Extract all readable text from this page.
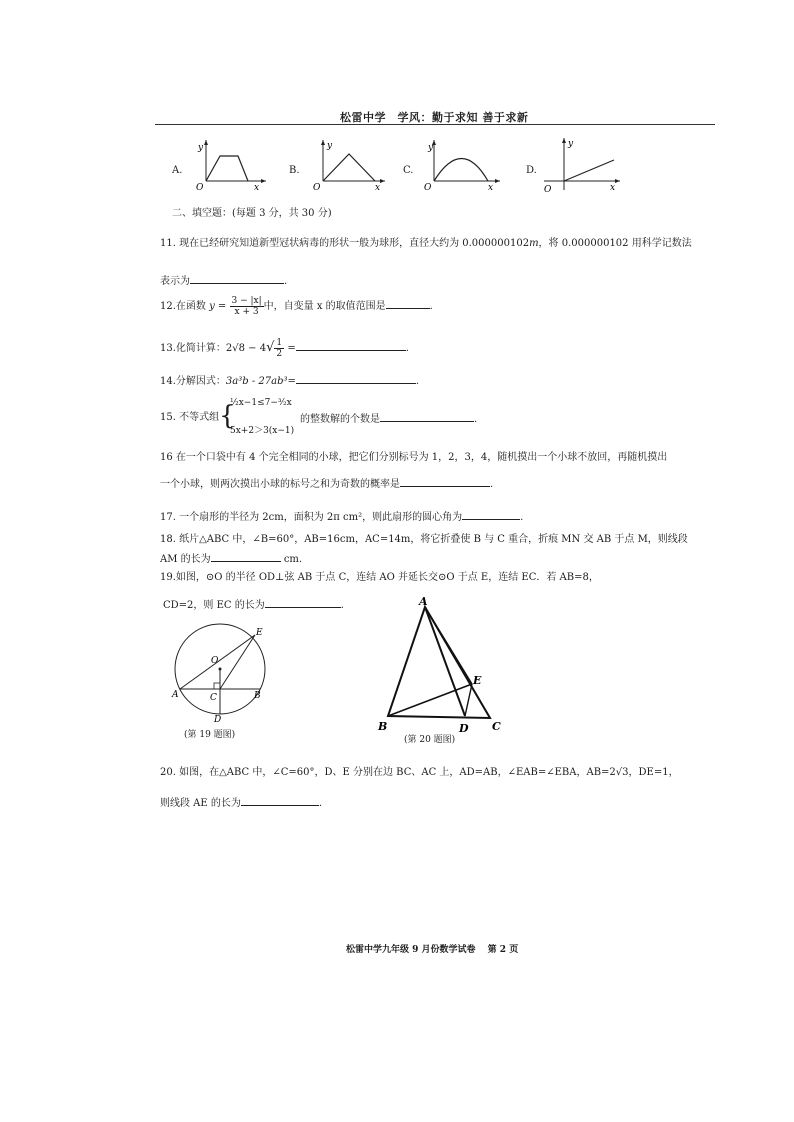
松雷中学　学风：勤于求知 善于求新
A.	B.	C.	D.
y
O	x
y
O	x
y
O	x
y
O	x
二、填空题：(每题 3 分，共 30 分)
11. 现在已经研究知道新型冠状病毒的形状一般为球形，直径大约为 0.000000102m，将 0.000000102 用科学记数法
表示为	.
12.在函数 $y = \frac{3 - |x|}{x + 3}$ 中，自变量 x 的取值范围是	.
13.化简计算：$2√8 - 4√ \frac{1}{2}$ =	.
14.分解因式：3a³b - 27ab³=	.
15. 不等式组 {
½x−1≤7−³⁄₂x
5x+2＞3(x−1)
的整数解的个数是	.
16 在一个口袋中有 4 个完全相同的小球，把它们分别标号为 1，2，3，4，随机摸出一个小球不放回，再随机摸出
一个小球，则两次摸出小球的标号之和为奇数的概率是	.
17. 一个扇形的半径为 2cm，面积为 2π cm²，则此扇形的圆心角为	.
18. 纸片△ABC 中，∠B=60°，AB=16cm，AC=14m，将它折叠使 B 与 C 重合，折痕 MN 交 AB 于点 M，则线段
AM 的长为	cm.
19.如图，⊙O 的半径 OD⊥弦 AB 于点 C，连结 AO 并延长交⊙O 于点 E，连结 EC．若 AB=8，
CD=2，则 EC 的长为	.
A	B
C
D
E
O
(第 19 题图)
A
B	C
D
E
(第 20 题图)
20. 如图，在△ABC 中，∠C=60°，D、E 分别在边 BC、AC 上，AD=AB，∠EAB=∠EBA，AB=2√3，DE=1，
则线段 AE 的长为	.
松雷中学九年级 9 月份数学试卷　 第 2 页
